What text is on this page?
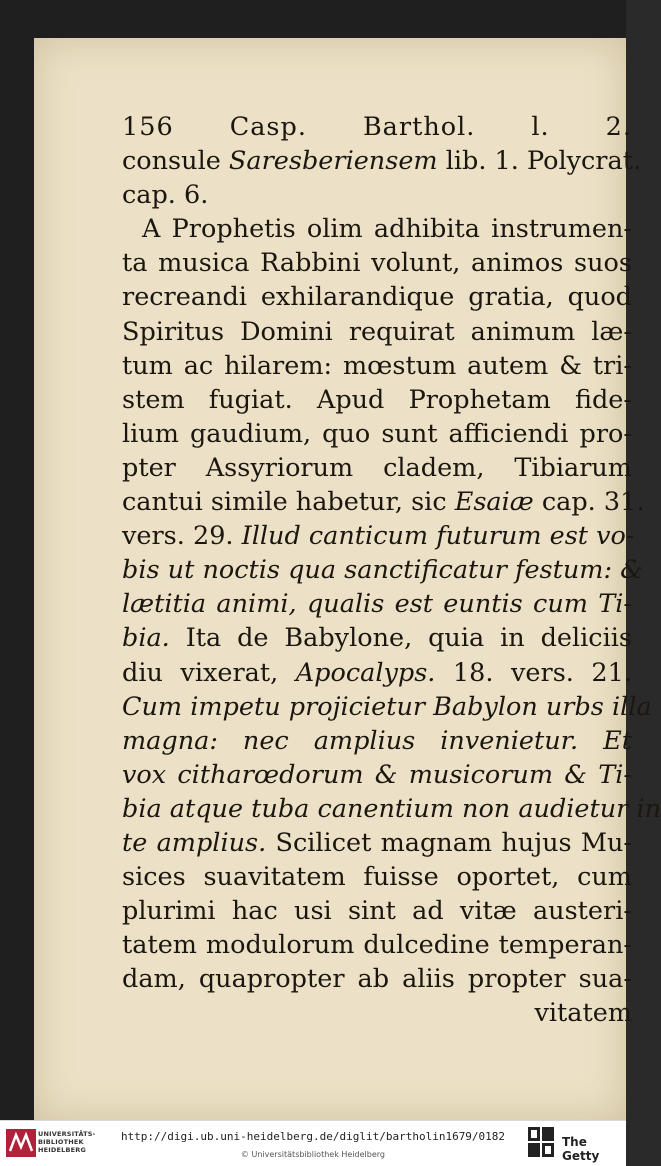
156 Casp. Barthol. l. 2.
consule Saresberiensem lib. 1. Polycrat.
cap. 6.
A Prophetis olim adhibita instrumen-
ta musica Rabbini volunt, animos suos
recreandi exhilarandique gratia, quod
Spiritus Domini requirat animum læ-
tum ac hilarem: mœstum autem & tri-
stem fugiat. Apud Prophetam fide-
lium gaudium, quo sunt afficiendi pro-
pter Assyriorum cladem, Tibiarum
cantui simile habetur, sic Esaiæ cap. 31.
vers. 29. Illud canticum futurum est vo-
bis ut noctis qua sanctificatur festum: &
lætitia animi, qualis est euntis cum Ti-
bia. Ita de Babylone, quia in deliciis
diu vixerat, Apocalyps. 18. vers. 21.
Cum impetu projicietur Babylon urbs illa
magna: nec amplius invenietur. Et
vox citharœdorum & musicorum & Ti-
bia atque tuba canentium non audietur in
te amplius. Scilicet magnam hujus Mu-
sices suavitatem fuisse oportet, cum
plurimi hac usi sint ad vitæ austeri-
tatem modulorum dulcedine temperan-
dam, quapropter ab aliis propter sua-
vitatem
UNIVERSITÄTS-
BIBLIOTHEK
HEIDELBERG
http://digi.ub.uni-heidelberg.de/diglit/bartholin1679/0182
© Universitätsbibliothek Heidelberg
The Getty
